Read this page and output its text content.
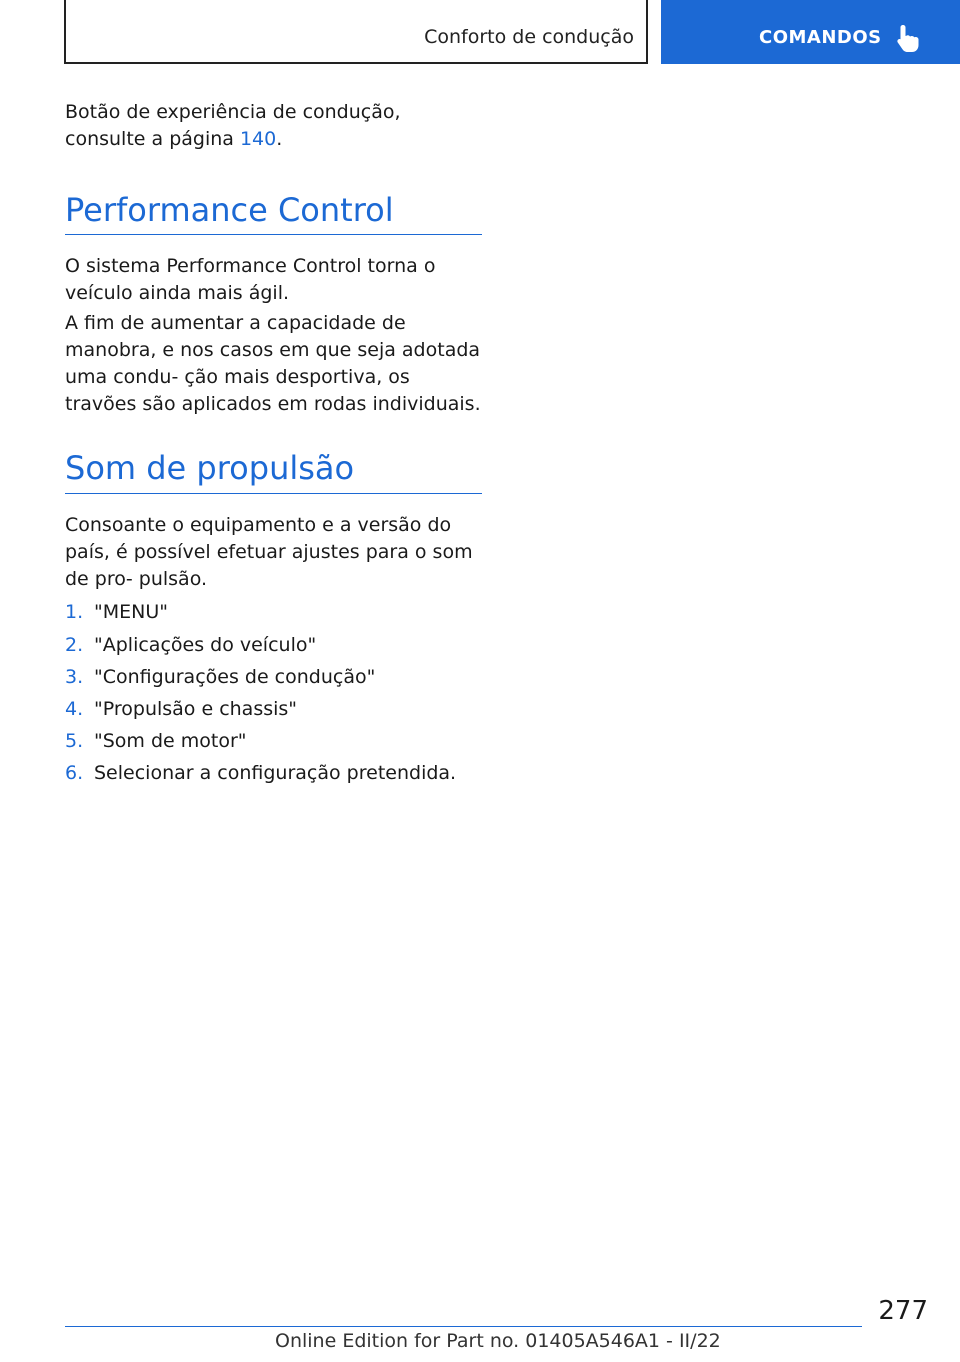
Conforto de condução	COMANDOS

Botão de experiência de condução, consulte a página 140.

Performance Control

O sistema Performance Control torna o veículo ainda mais ágil.

A fim de aumentar a capacidade de manobra, e nos casos em que seja adotada uma condu‐ ção mais desportiva, os travões são aplicados em rodas individuais.

Som de propulsão

Consoante o equipamento e a versão do país, é possível efetuar ajustes para o som de pro‐ pulsão.

1. "MENU"
2. "Aplicações do veículo"
3. "Configurações de condução"
4. "Propulsão e chassis"
5. "Som de motor"
6. Selecionar a configuração pretendida.
277
Online Edition for Part no. 01405A546A1 - II/22
